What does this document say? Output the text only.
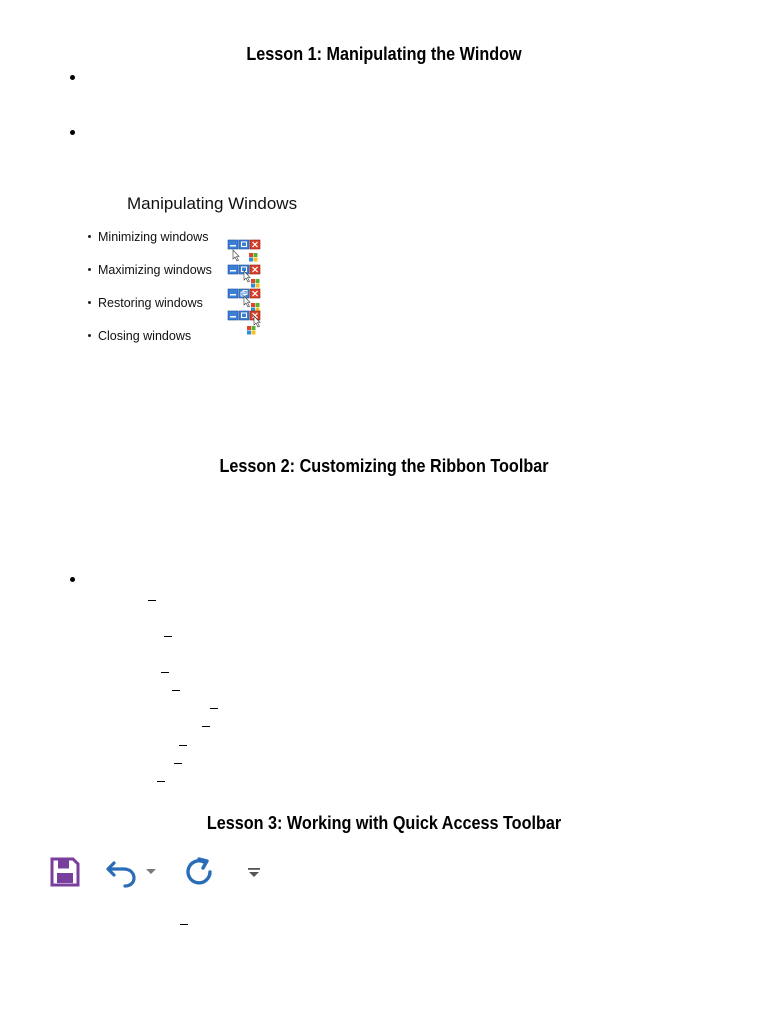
Lesson 1: Manipulating the Window
Manipulating Windows
Minimizing windows
Maximizing windows
Restoring windows
Closing windows
Lesson 2: Customizing the Ribbon Toolbar
Lesson 3: Working with Quick Access Toolbar
